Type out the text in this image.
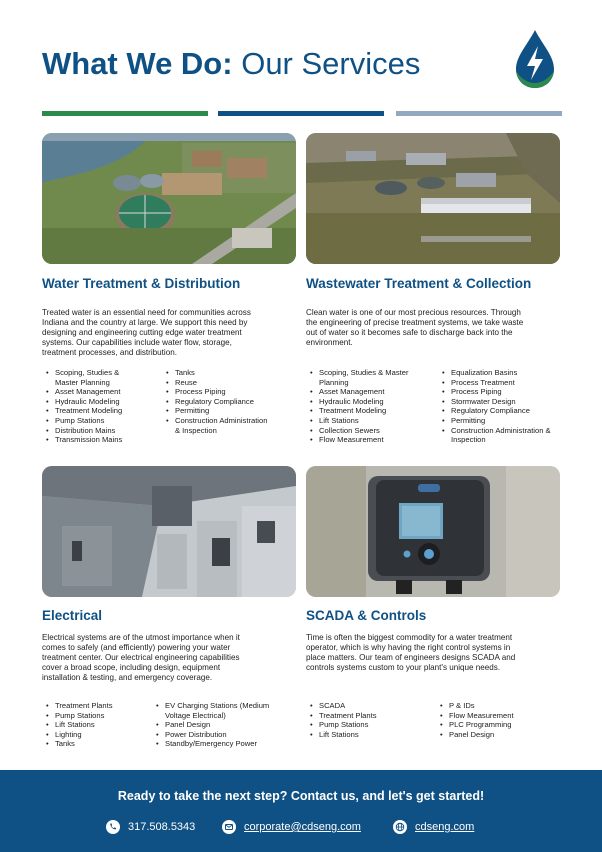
What We Do: Our Services
Water Treatment & Distribution
Treated water is an essential need for communities across
Indiana and the country at large. We support this need by
designing and engineering cutting edge water treatment
systems. Our capabilities include water flow, storage,
treatment processes, and distribution.
• Scoping, Studies &
Master Planning
• Asset Management
• Hydraulic Modeling
• Treatment Modeling
• Pump Stations
• Distribution Mains
• Transmission Mains
• Tanks
• Reuse
• Process Piping
• Regulatory Compliance
• Permitting
• Construction Administration
& Inspection
Wastewater Treatment & Collection
Clean water is one of our most precious resources. Through
the engineering of precise treatment systems, we take waste
out of water so it becomes safe to discharge back into the
environment.
• Scoping, Studies & Master
Planning
• Asset Management
• Hydraulic Modeling
• Treatment Modeling
• Lift Stations
• Collection Sewers
• Flow Measurement
• Equalization Basins
• Process Treatment
• Process Piping
• Stormwater Design
• Regulatory Compliance
• Permitting
• Construction Administration &
Inspection
Electrical
Electrical systems are of the utmost importance when it
comes to safely (and efficiently) powering your water
treatment center. Our electrical engineering capabilities
cover a broad scope, including design, equipment
installation & testing, and emergency coverage.
• Treatment Plants
• Pump Stations
• Lift Stations
• Lighting
• Tanks
• EV Charging Stations (Medium
Voltage Electrical)
• Panel Design
• Power Distribution
• Standby/Emergency Power
SCADA & Controls
Time is often the biggest commodity for a water treatment
operator, which is why having the right control systems in
place matters. Our team of engineers designs SCADA and
controls systems custom to your plant's unique needs.
• SCADA
• Treatment Plants
• Pump Stations
• Lift Stations
• P & IDs
• Flow Measurement
• PLC Programming
• Panel Design
Ready to take the next step? Contact us, and let's get started!
317.508.5343	corporate@cdseng.com	cdseng.com
